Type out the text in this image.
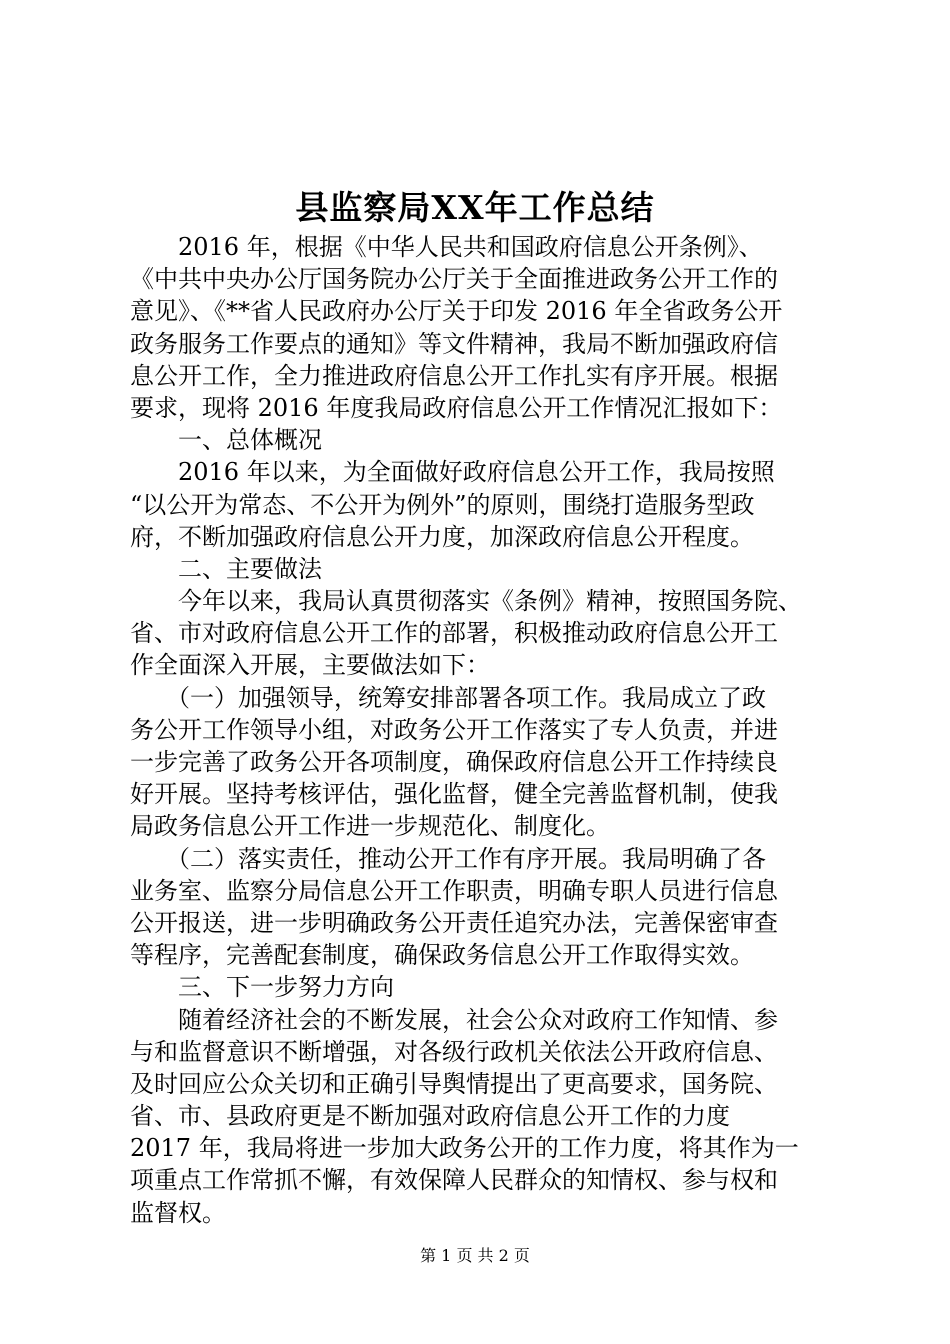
县监察局XX年工作总结
　　2016 年，根据《中华人民共和国政府信息公开条例》、
《中共中央办公厅国务院办公厅关于全面推进政务公开工作的
意见》、《**省人民政府办公厅关于印发 2016 年全省政务公开
政务服务工作要点的通知》等文件精神，我局不断加强政府信
息公开工作，全力推进政府信息公开工作扎实有序开展。根据
要求，现将 2016 年度我局政府信息公开工作情况汇报如下：
　　一、总体概况
　　2016 年以来，为全面做好政府信息公开工作，我局按照
“以公开为常态、不公开为例外”的原则，围绕打造服务型政
府，不断加强政府信息公开力度，加深政府信息公开程度。
　　二、主要做法
　　今年以来，我局认真贯彻落实《条例》精神，按照国务院、
省、市对政府信息公开工作的部署，积极推动政府信息公开工
作全面深入开展，主要做法如下：
　　（一）加强领导，统筹安排部署各项工作。我局成立了政
务公开工作领导小组，对政务公开工作落实了专人负责，并进
一步完善了政务公开各项制度，确保政府信息公开工作持续良
好开展。坚持考核评估，强化监督，健全完善监督机制，使我
局政务信息公开工作进一步规范化、制度化。
　　（二）落实责任，推动公开工作有序开展。我局明确了各
业务室、监察分局信息公开工作职责，明确专职人员进行信息
公开报送，进一步明确政务公开责任追究办法，完善保密审查
等程序，完善配套制度，确保政务信息公开工作取得实效。
　　三、下一步努力方向
　　随着经济社会的不断发展，社会公众对政府工作知情、参
与和监督意识不断增强，对各级行政机关依法公开政府信息、
及时回应公众关切和正确引导舆情提出了更高要求，国务院、
省、市、县政府更是不断加强对政府信息公开工作的力度
2017 年，我局将进一步加大政务公开的工作力度，将其作为一
项重点工作常抓不懈，有效保障人民群众的知情权、参与权和
监督权。
第 1 页 共 2 页
